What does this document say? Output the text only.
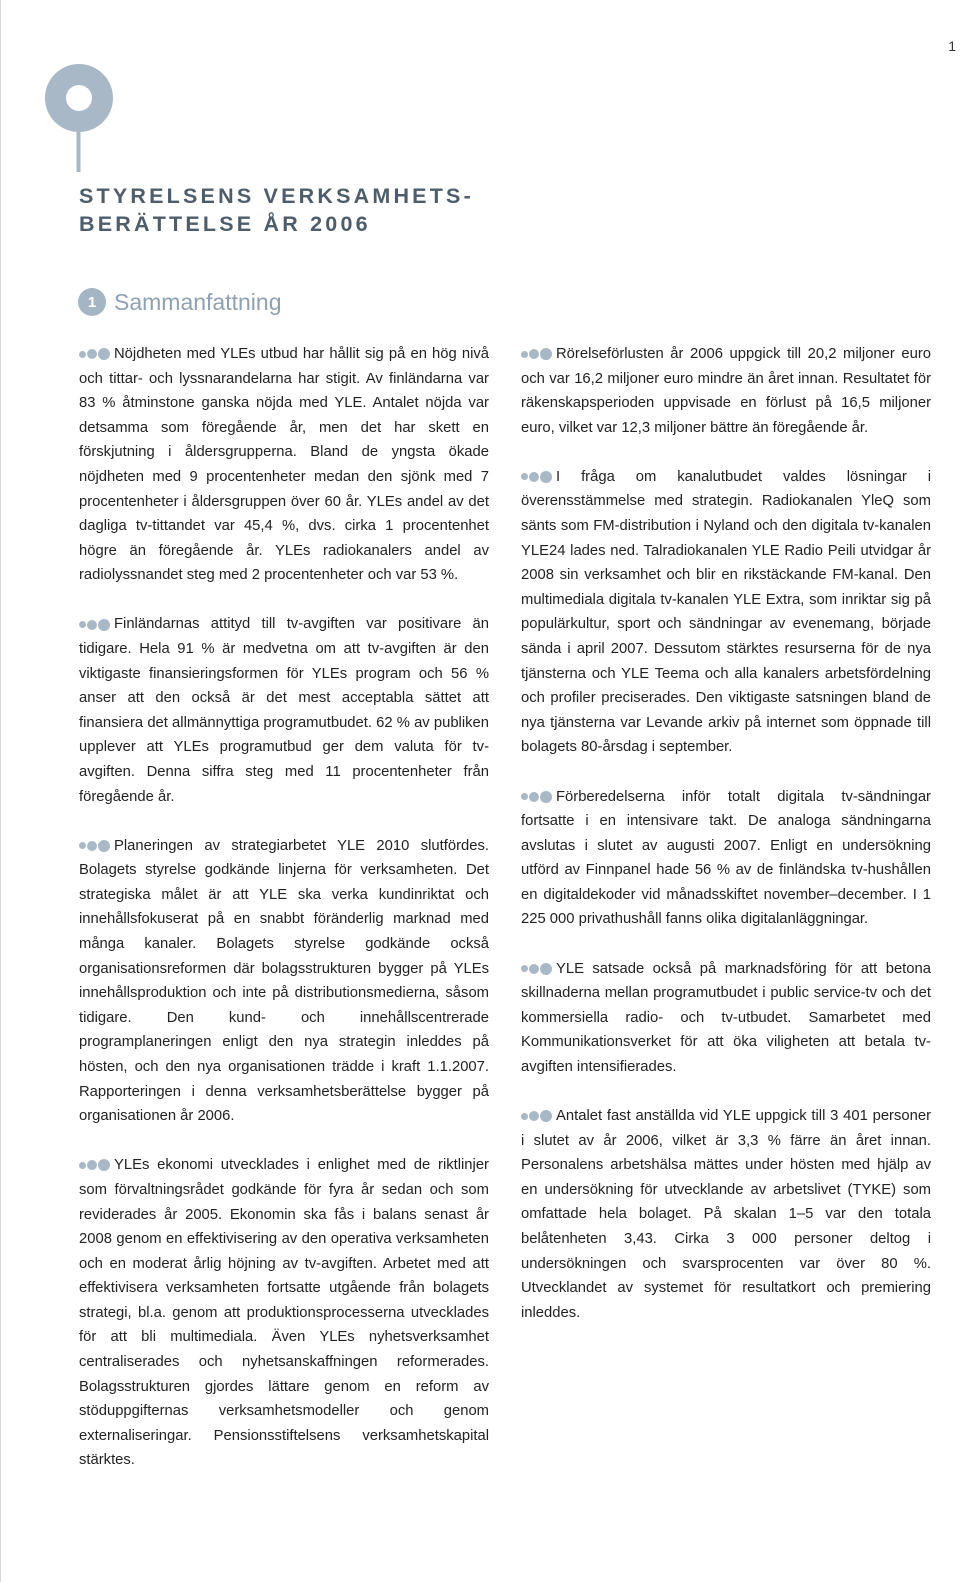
1
STYRELSENS VERKSAMHETS-
BERÄTTELSE ÅR 2006
1 Sammanfattning

Nöjdheten med YLEs utbud har hållit sig på en hög nivå och tittar- och lyssnarandelarna har stigit. Av finländarna var 83 % åtminstone ganska nöjda med YLE. Antalet nöjda var detsamma som föregående år, men det har skett en förskjutning i åldersgrupperna. Bland de yngsta ökade nöjdheten med 9 procentenheter medan den sjönk med 7 procentenheter i åldersgruppen över 60 år. YLEs andel av det dagliga tv-tittandet var 45,4 %, dvs. cirka 1 procentenhet högre än föregående år. YLEs radiokanalers andel av radiolyssnandet steg med 2 procentenheter och var 53 %.

Finländarnas attityd till tv-avgiften var positivare än tidigare. Hela 91 % är medvetna om att tv-avgiften är den viktigaste finansieringsformen för YLEs program och 56 % anser att den också är det mest acceptabla sättet att finansiera det allmännyttiga programutbudet. 62 % av publiken upplever att YLEs programutbud ger dem valuta för tv-avgiften. Denna siffra steg med 11 procentenheter från föregående år.

Planeringen av strategiarbetet YLE 2010 slutfördes. Bolagets styrelse godkände linjerna för verksamheten. Det strategiska målet är att YLE ska verka kundinriktat och innehållsfokuserat på en snabbt föränderlig marknad med många kanaler. Bolagets styrelse godkände också organisationsreformen där bolagsstrukturen bygger på YLEs innehållsproduktion och inte på distributionsmedierna, såsom tidigare. Den kund- och innehållscentrerade programplaneringen enligt den nya strategin inleddes på hösten, och den nya organisationen trädde i kraft 1.1.2007. Rapporteringen i denna verksamhetsberättelse bygger på organisationen år 2006.

YLEs ekonomi utvecklades i enlighet med de riktlinjer som förvaltningsrådet godkände för fyra år sedan och som reviderades år 2005. Ekonomin ska fås i balans senast år 2008 genom en effektivisering av den operativa verksamheten och en moderat årlig höjning av tv-avgiften. Arbetet med att effektivisera verksamheten fortsatte utgående från bolagets strategi, bl.a. genom att produktionsprocesserna utvecklades för att bli multimediala. Även YLEs nyhetsverksamhet centraliserades och nyhetsanskaffningen reformerades. Bolagsstrukturen gjordes lättare genom en reform av stöduppgifternas verksamhetsmodeller och genom externaliseringar. Pensionsstiftelsens verksamhetskapital stärktes.

Rörelseförlusten år 2006 uppgick till 20,2 miljoner euro och var 16,2 miljoner euro mindre än året innan. Resultatet för räkenskapsperioden uppvisade en förlust på 16,5 miljoner euro, vilket var 12,3 miljoner bättre än föregående år.

I fråga om kanalutbudet valdes lösningar i överensstämmelse med strategin. Radiokanalen YleQ som sänts som FM-distribution i Nyland och den digitala tv-kanalen YLE24 lades ned. Talradiokanalen YLE Radio Peili utvidgar år 2008 sin verksamhet och blir en rikstäckande FM-kanal. Den multimediala digitala tv-kanalen YLE Extra, som inriktar sig på populärkultur, sport och sändningar av evenemang, började sända i april 2007. Dessutom stärktes resurserna för de nya tjänsterna och YLE Teema och alla kanalers arbetsfördelning och profiler preciserades. Den viktigaste satsningen bland de nya tjänsterna var Levande arkiv på internet som öppnade till bolagets 80-årsdag i september.

Förberedelserna inför totalt digitala tv-sändningar fortsatte i en intensivare takt. De analoga sändningarna avslutas i slutet av augusti 2007. Enligt en undersökning utförd av Finnpanel hade 56 % av de finländska tv-hushållen en digitaldekoder vid månadsskiftet november–december. I 1 225 000 privathushåll fanns olika digitalanläggningar.

YLE satsade också på marknadsföring för att betona skillnaderna mellan programutbudet i public service-tv och det kommersiella radio- och tv-utbudet. Samarbetet med Kommunikationsverket för att öka viligheten att betala tv-avgiften intensifierades.

Antalet fast anställda vid YLE uppgick till 3 401 personer i slutet av år 2006, vilket är 3,3 % färre än året innan. Personalens arbetshälsa mättes under hösten med hjälp av en undersökning för utvecklande av arbetslivet (TYKE) som omfattade hela bolaget. På skalan 1–5 var den totala belåtenheten 3,43. Cirka 3 000 personer deltog i undersökningen och svarsprocenten var över 80 %. Utvecklandet av systemet för resultatkort och premiering inleddes.
